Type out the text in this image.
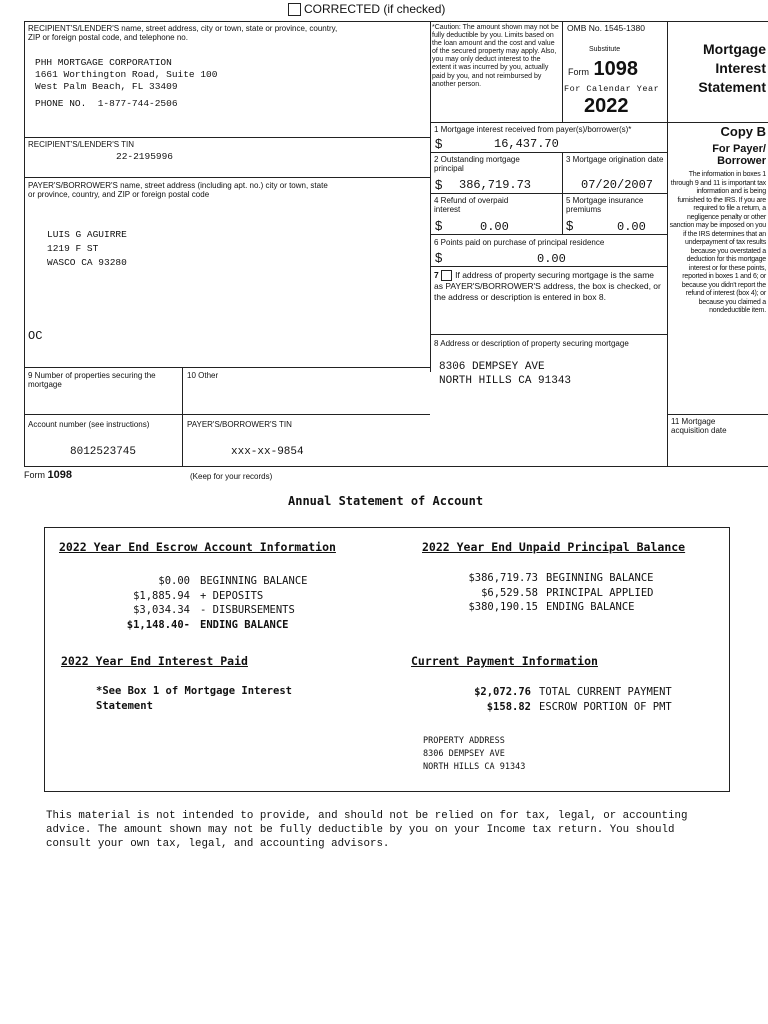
CORRECTED (if checked)
RECIPIENT'S/LENDER'S name, street address, city or town, state or province, country, ZIP or foreign postal code, and telephone no.
PHH MORTGAGE CORPORATION
1661 Worthington Road, Suite 100
West Palm Beach, FL 33409
PHONE NO.  1-877-744-2506
*Caution: The amount shown may not be fully deductible by you. Limits based on the loan amount and the cost and value of the secured property may apply. Also, you may only deduct interest to the extent it was incurred by you, actually paid by you, and not reimbursed by another person.
OMB No. 1545-1380
Substitute
Form 1098
For Calendar Year
2022
Mortgage
Interest
Statement
RECIPIENT'S/LENDER'S TIN
22-2195996
PAYER'S/BORROWER'S name, street address (including apt. no.) city or town, state or province, country, and ZIP or foreign postal code
LUIS G AGUIRRE
1219 F ST
WASCO CA 93280
OC
1 Mortgage interest received from payer(s)/borrower(s)*
$	16,437.70
2 Outstanding mortgage principal
$ 386,719.73
3 Mortgage origination date
07/20/2007
4 Refund of overpaid interest
$	0.00
5 Mortgage insurance premiums
$	0.00
6 Points paid on purchase of principal residence
$	0.00
7 If address of property securing mortgage is the same as PAYER'S/BORROWER'S address, the box is checked, or the address or description is entered in box 8.
8 Address or description of property securing mortgage
8306 DEMPSEY AVE
NORTH HILLS CA 91343
9 Number of properties securing the mortgage
10 Other
Account number (see instructions)
8012523745
PAYER'S/BORROWER'S TIN
xxx-xx-9854
Copy B
For Payer/
Borrower
The information in boxes 1 through 9 and 11 is important tax information and is being furnished to the IRS. If you are required to file a return, a negligence penalty or other sanction may be imposed on you if the IRS determines that an underpayment of tax results because you overstated a deduction for this mortgage interest or for these points, reported in boxes 1 and 6; or because you didn't report the refund of interest (box 4); or because you claimed a nondeductible item.
11 Mortgage acquisition date
Form 1098	(Keep for your records)
Annual Statement of Account
2022 Year End Escrow Account Information
$0.00 BEGINNING BALANCE
$1,885.94 + DEPOSITS
$3,034.34 - DISBURSEMENTS
$1,148.40- ENDING BALANCE
2022 Year End Unpaid Principal Balance
$386,719.73 BEGINNING BALANCE
$6,529.58 PRINCIPAL APPLIED
$380,190.15 ENDING BALANCE
2022 Year End Interest Paid
*See Box 1 of Mortgage Interest
Statement
Current Payment Information
$2,072.76 TOTAL CURRENT PAYMENT
$158.82 ESCROW PORTION OF PMT
PROPERTY ADDRESS
8306 DEMPSEY AVE
NORTH HILLS CA 91343
This material is not intended to provide, and should not be relied on for tax, legal, or accounting
advice. The amount shown may not be fully deductible by you on your Income tax return. You should
consult your own tax, legal, and accounting advisors.
